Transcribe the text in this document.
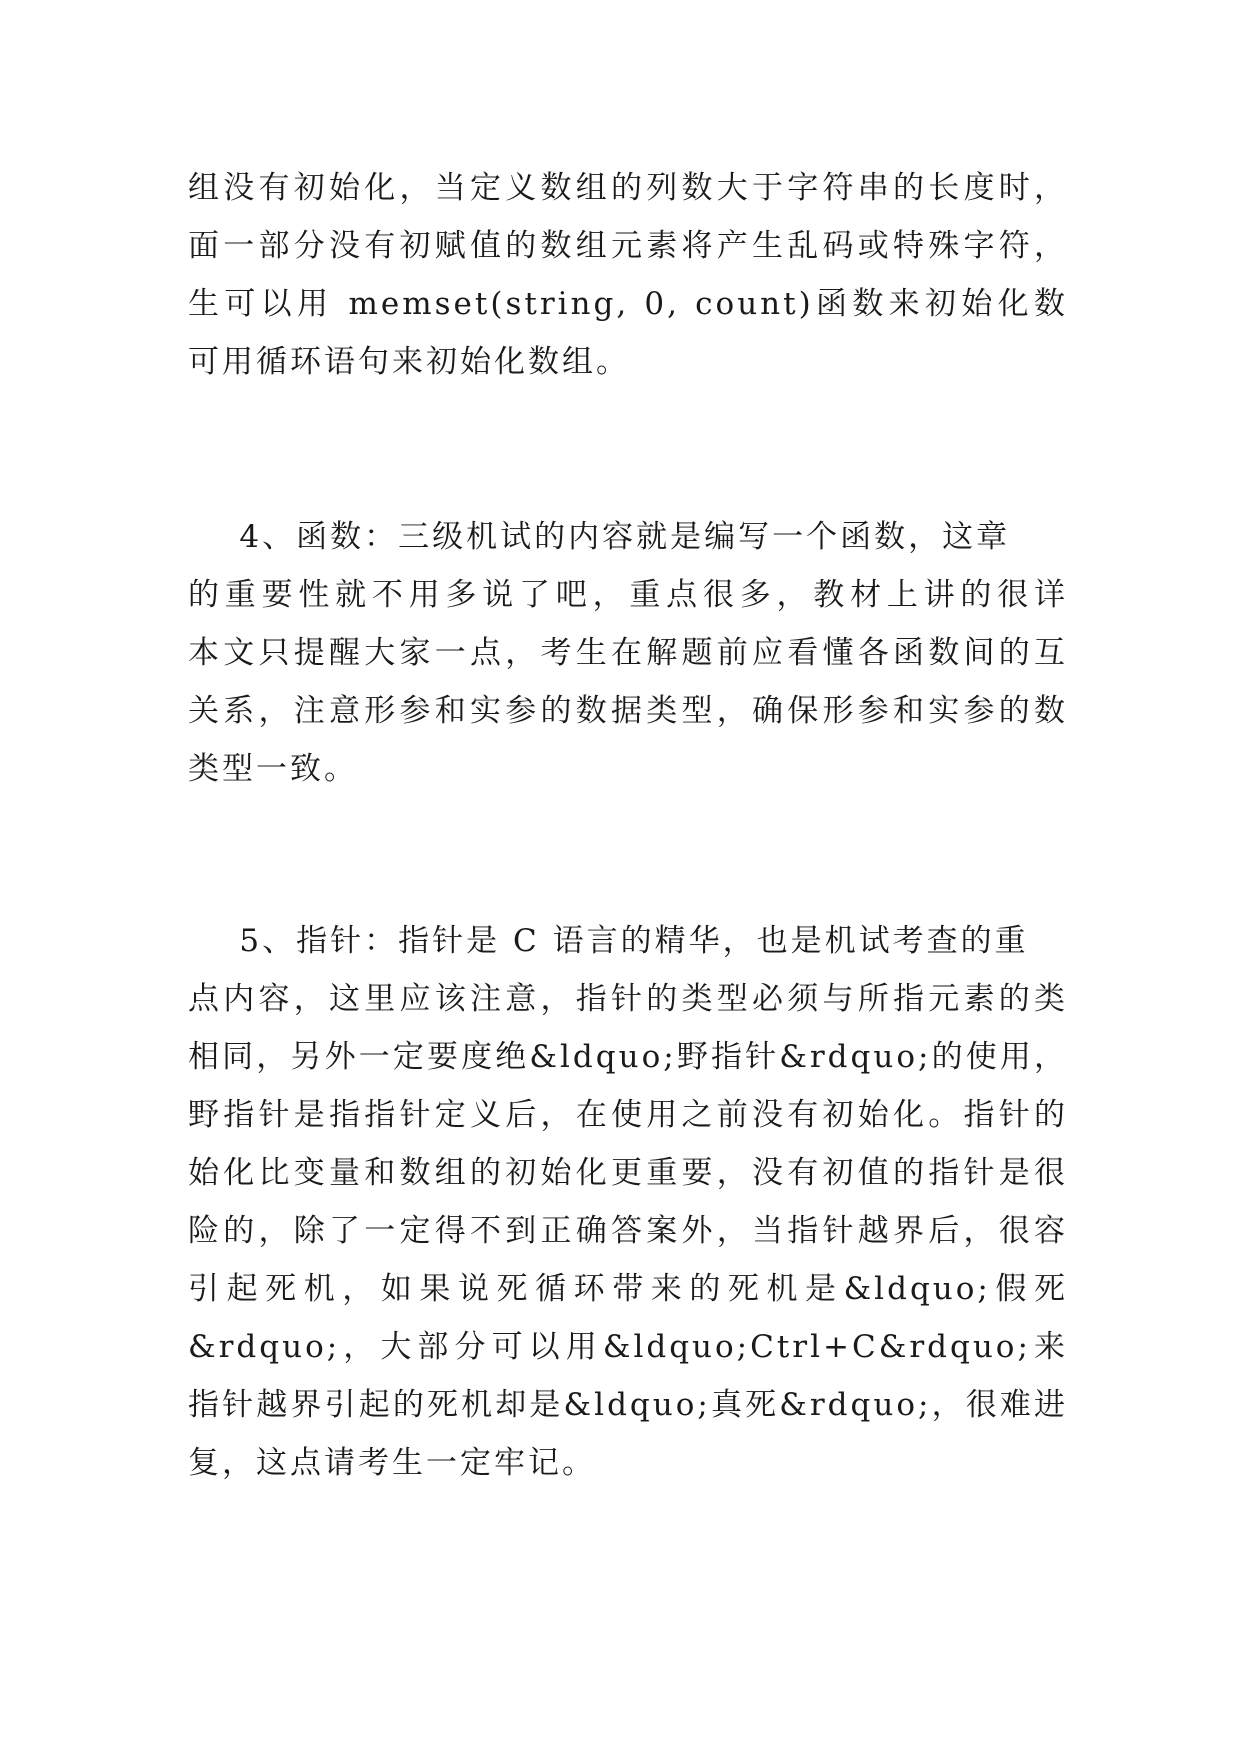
组没有初始化，当定义数组的列数大于字符串的长度时，
面一部分没有初赋值的数组元素将产生乱码或特殊字符，
生可以用 memset(string, 0, count)函数来初始化数
可用循环语句来初始化数组。
4、函数：三级机试的内容就是编写一个函数，这章
的重要性就不用多说了吧，重点很多，教材上讲的很详
本文只提醒大家一点，考生在解题前应看懂各函数间的互
关系，注意形参和实参的数据类型，确保形参和实参的数
类型一致。
5、指针：指针是 C 语言的精华，也是机试考查的重
点内容，这里应该注意，指针的类型必须与所指元素的类
相同，另外一定要度绝&ldquo;野指针&rdquo;的使用，
野指针是指指针定义后，在使用之前没有初始化。指针的
始化比变量和数组的初始化更重要，没有初值的指针是很
险的，除了一定得不到正确答案外，当指针越界后，很容
引起死机，如果说死循环带来的死机是&ldquo;假死
&rdquo;，大部分可以用&ldquo;Ctrl+C&rdquo;来
指针越界引起的死机却是&ldquo;真死&rdquo;，很难进
复，这点请考生一定牢记。
